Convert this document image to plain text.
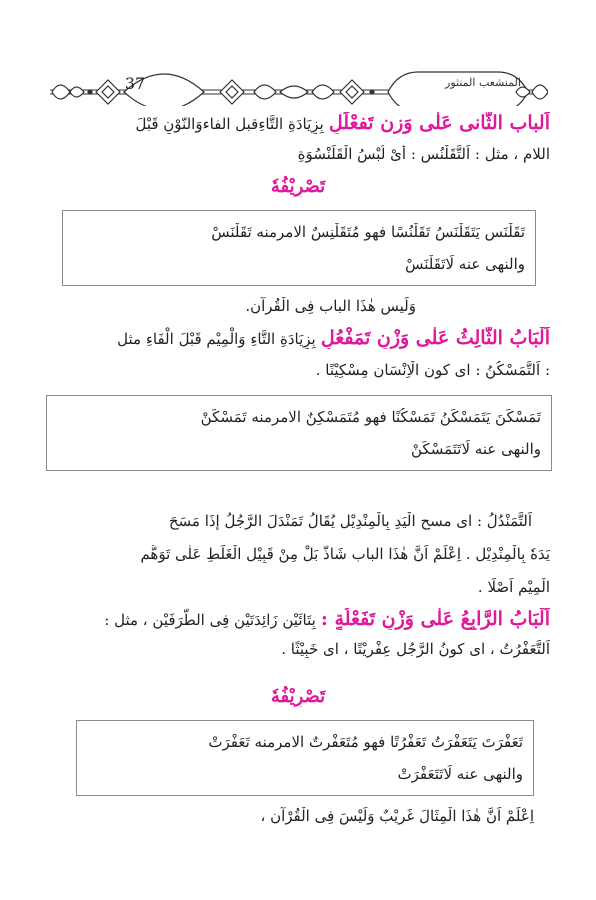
المنشعب المنثور
37
اَلباب الثّانى عَلٰى وَزن تَفعْلَلِ بِزِيَادَةِ التَّاءِقبل الفاءوَالنّوْنِ قَبْلَ
اللام ، مثل : اَلتَّقَلْنُس : أَیْ لُبْسُ الْقَلَنْسُوَةِ
تَصْرِيْفُهٗ
تَقَلْنَس يَتَقَلْنَسُ تَقَلْنُسًا فهو مُتَقَلْنِسٌ الامرمنه تَقَلْنَسْ
والنهى عنه لَاتَقَلْنَسْ
وَلَيس هٰذَا الباب فِى الْقُرآنِ.
اَلْبَابُ الثَّالِثُ عَلٰى وَزْنِ تَمَفْعُلِ بِزِيَادَةِ التَّاءِ وَالْمِيْمِ قَبْلَ الْفَاءِ مثل
: اَلتَّمَسْكُنُ : اى كون الْاِنْسَانِ مِسْكِيْنًا .
تَمَسْكَنَ يَتَمَسْكَنُ تَمَسْكُنًا فهو مُتَمَسْكِنٌ الامرمنه تَمَسْكَنْ
والنهى عنه لَاتَتَمَسْكَنْ
اَلتَّمَنْدُلُ : اى مسح الْيَدِ بِالْمِنْدِيْلِ يُقَالُ تَمَنْدَلَ الرَّجُلُ إِذَا مَسَحَ
يَدَهٗ بِالْمِنْدِيْلِ . اِعْلَمْ اَنَّ هٰذَا الباب شَاذٌّ بَلْ مِنْ قَبِيْلِ الْغَلَطِ عَلٰى تَوَهُّمِ
الْمِيْمِ اَصْلًا .
اَلْبَابُ الرَّابِعُ عَلٰى وَزْنِ تَفَعْلُةٍ : بِتَائَيْنِ زَائِدَتَيْنِ فِى الطَّرَفَيْنِ ، مثل :
اَلتَّعَفْرُتُ ، اى كونُ الرَّجُلِ عِفْرِيْتًا ، اى خَبِيْثًا .
تَصْرِيْفُهٗ
تَعَفْرَتَ يَتَعَفْرَتُ تَعَفْرُتًا فهو مُتَعَفْرِتٌ الامرمنه تَعَفْرَتْ
والنهى عنه لَاتَتَعَفْرَتْ
اِعْلَمْ اَنَّ هٰذَا الْمِثَالَ غَرِيْبٌ وَلَيْسَ فِى الْقُرْآنِ ،
